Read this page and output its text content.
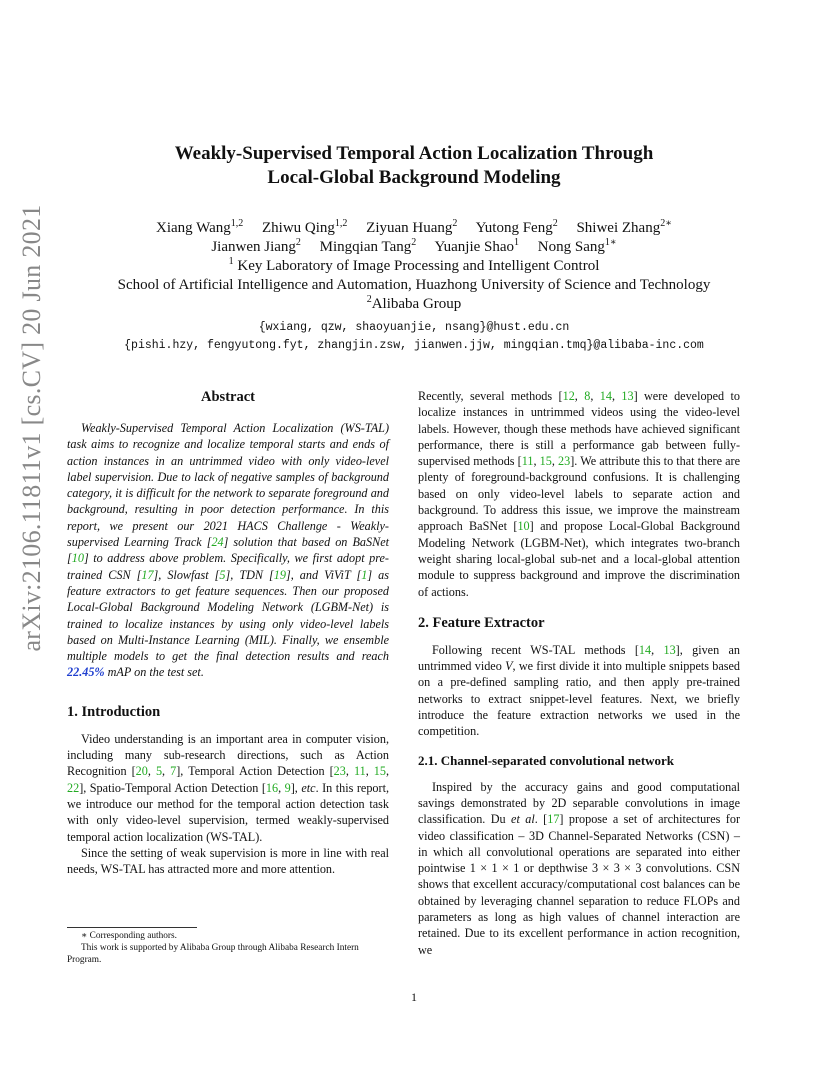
arXiv:2106.11811v1 [cs.CV] 20 Jun 2021
Weakly-Supervised Temporal Action Localization Through
Local-Global Background Modeling
Xiang Wang$^{1,2}$ Zhiwu Qing$^{1,2}$ Ziyuan Huang$^2$ Yutong Feng$^2$ Shiwei Zhang$^{2∗}$
Jianwen Jiang$^2$ Mingqian Tang$^2$ Yuanjie Shao$^1$ Nong Sang$^{1∗}$
$^1$ Key Laboratory of Image Processing and Intelligent Control
School of Artificial Intelligence and Automation, Huazhong University of Science and Technology
$^2$Alibaba Group
{wxiang, qzw, shaoyuanjie, nsang}@hust.edu.cn
{pishi.hzy, fengyutong.fyt, zhangjin.zsw, jianwen.jjw, mingqian.tmq}@alibaba-inc.com
Abstract

Weakly-Supervised Temporal Action Localization (WS-TAL) task aims to recognize and localize temporal starts and ends of action instances in an untrimmed video with only video-level label supervision. Due to lack of negative samples of background category, it is difficult for the network to separate foreground and background, resulting in poor detection performance. In this report, we present our 2021 HACS Challenge - Weakly-supervised Learning Track [24] solution that based on BaSNet [10] to address above problem. Specifically, we first adopt pre-trained CSN [17], Slowfast [5], TDN [19], and ViViT [1] as feature extractors to get feature sequences. Then our proposed Local-Global Background Modeling Network (LGBM-Net) is trained to localize instances by using only video-level labels based on Multi-Instance Learning (MIL). Finally, we ensemble multiple models to get the final detection results and reach 22.45% mAP on the test set.

1. Introduction

Video understanding is an important area in computer vision, including many sub-research directions, such as Action Recognition [20, 5, 7], Temporal Action Detection [23, 11, 15, 22], Spatio-Temporal Action Detection [16, 9], etc. In this report, we introduce our method for the temporal action detection task with only video-level supervision, termed weakly-supervised temporal action localization (WS-TAL).

Since the setting of weak supervision is more in line with real needs, WS-TAL has attracted more and more attention.

∗ Corresponding authors.
This work is supported by Alibaba Group through Alibaba Research Intern Program.

Recently, several methods [12, 8, 14, 13] were developed to localize instances in untrimmed videos using the video-level labels. However, though these methods have achieved significant performance, there is still a performance gab between fully-supervised methods [11, 15, 23]. We attribute this to that there are plenty of foreground-background confusions. It is challenging based on only video-level labels to separate action and background. To address this issue, we improve the mainstream approach BaSNet [10] and propose Local-Global Background Modeling Network (LGBM-Net), which integrates two-branch weight sharing local-global sub-net and a local-global attention module to suppress background and improve the discrimination of actions.

2. Feature Extractor

Following recent WS-TAL methods [14, 13], given an untrimmed video V, we first divide it into multiple snippets based on a pre-defined sampling ratio, and then apply pre-trained networks to extract snippet-level features. Next, we briefly introduce the feature extraction networks we used in the competition.

2.1. Channel-separated convolutional network

Inspired by the accuracy gains and good computational savings demonstrated by 2D separable convolutions in image classification. Du et al. [17] propose a set of architectures for video classification – 3D Channel-Separated Networks (CSN) – in which all convolutional operations are separated into either pointwise 1 × 1 × 1 or depthwise 3 × 3 × 3 convolutions. CSN shows that excellent accuracy/computational cost balances can be obtained by leveraging channel separation to reduce FLOPs and parameters as long as high values of channel interaction are retained. Due to its excellent performance in action recognition, we

1
